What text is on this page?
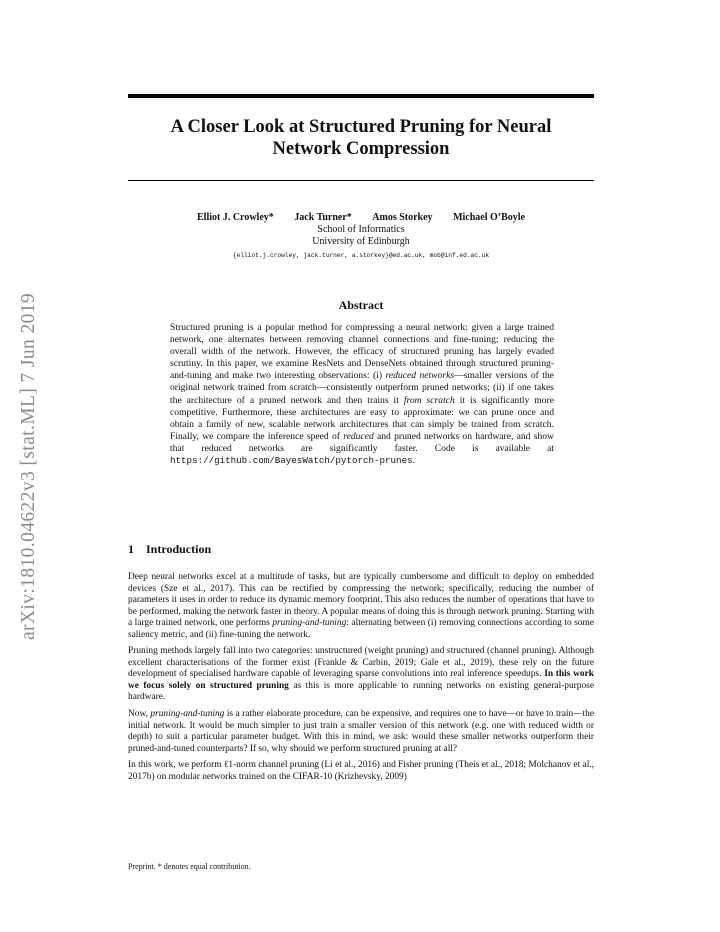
arXiv:1810.04622v3 [stat.ML] 7 Jun 2019
A Closer Look at Structured Pruning for Neural
Network Compression
Elliot J. Crowley* Jack Turner* Amos Storkey Michael O’Boyle
School of Informatics
University of Edinburgh
{elliot.j.crowley, jack.turner, a.storkey}@ed.ac.uk, mob@inf.ed.ac.uk
Abstract
Structured pruning is a popular method for compressing a neural network: given a large trained network, one alternates between removing channel connections and fine-tuning; reducing the overall width of the network. However, the efficacy of structured pruning has largely evaded scrutiny. In this paper, we examine ResNets and DenseNets obtained through structured pruning-and-tuning and make two interesting observations: (i) reduced networks—smaller versions of the original network trained from scratch—consistently outperform pruned networks; (ii) if one takes the architecture of a pruned network and then trains it from scratch it is significantly more competitive. Furthermore, these architectures are easy to approximate: we can prune once and obtain a family of new, scalable network architectures that can simply be trained from scratch. Finally, we compare the inference speed of reduced and pruned networks on hardware, and show that reduced networks are significantly faster. Code is available at https://github.com/BayesWatch/pytorch-prunes.
1 Introduction

Deep neural networks excel at a multitude of tasks, but are typically cumbersome and difficult to deploy on embedded devices (Sze et al., 2017). This can be rectified by compressing the network; specifically, reducing the number of parameters it uses in order to reduce its dynamic memory footprint. This also reduces the number of operations that have to be performed, making the network faster in theory. A popular means of doing this is through network pruning. Starting with a large trained network, one performs pruning-and-tuning: alternating between (i) removing connections according to some saliency metric, and (ii) fine-tuning the network.

Pruning methods largely fall into two categories: unstructured (weight pruning) and structured (channel pruning). Although excellent characterisations of the former exist (Frankle & Carbin, 2019; Gale et al., 2019), these rely on the future development of specialised hardware capable of leveraging sparse convolutions into real inference speedups. In this work we focus solely on structured pruning as this is more applicable to running networks on existing general-purpose hardware.

Now, pruning-and-tuning is a rather elaborate procedure, can be expensive, and requires one to have—or have to train—the initial network. It would be much simpler to just train a smaller version of this network (e.g. one with reduced width or depth) to suit a particular parameter budget. With this in mind, we ask: would these smaller networks outperform their pruned-and-tuned counterparts? If so, why should we perform structured pruning at all?

In this work, we perform ℓ1-norm channel pruning (Li et al., 2016) and Fisher pruning (Theis et al., 2018; Molchanov et al., 2017b) on modular networks trained on the CIFAR-10 (Krizhevsky, 2009)

Preprint. * denotes equal contribution.
